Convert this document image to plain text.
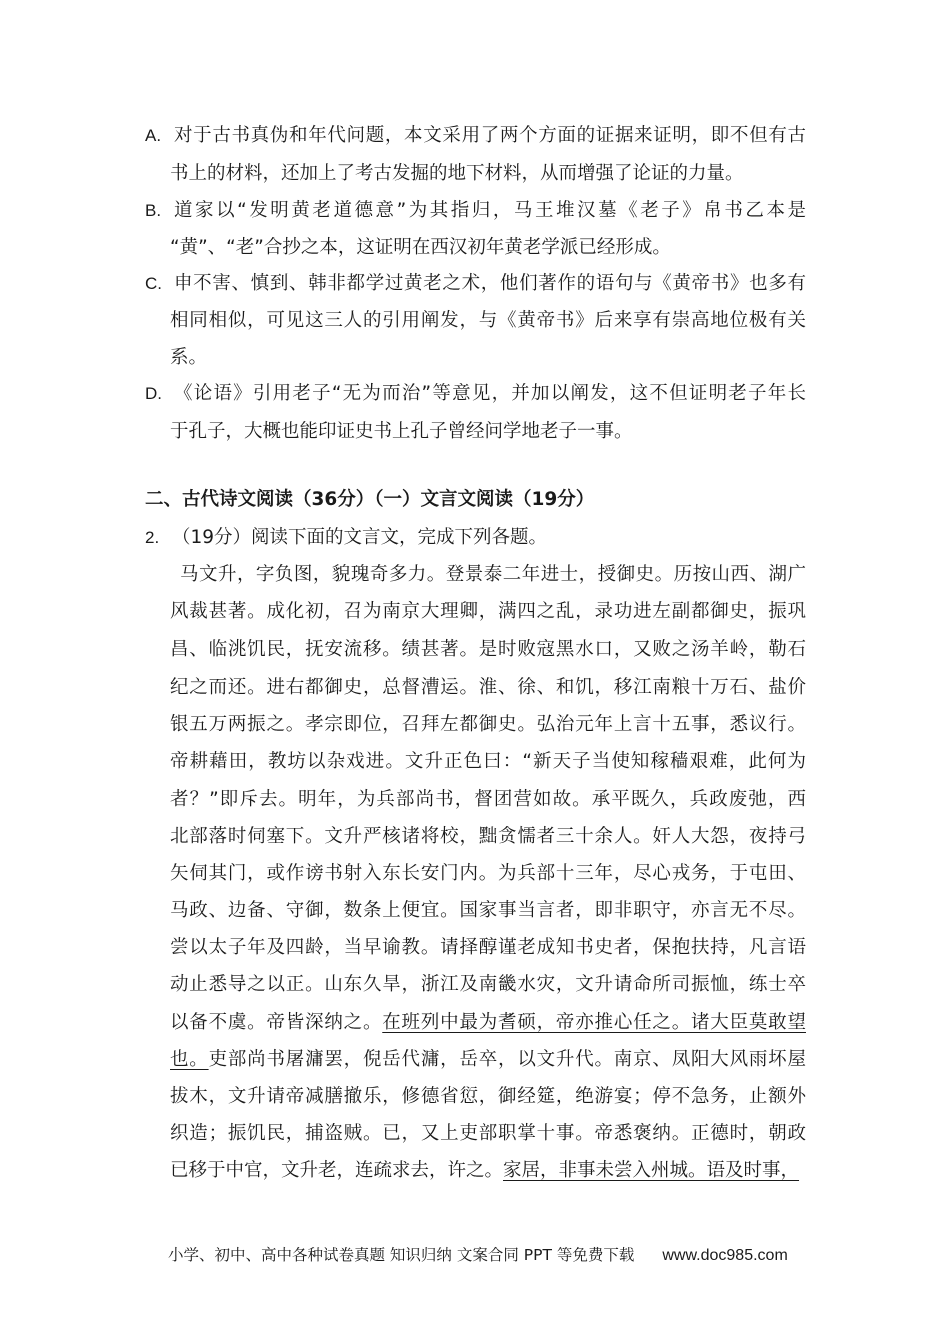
二、古代诗文阅读（36分）（一）文言文阅读（19分）
2. （19分）阅读下面的文言文，完成下列各题。
小学、初中、高中各种试卷真题 知识归纳 文案合同 PPT 等免费下载 www.doc985.com
A. 对于古书真伪和年代问题，本文采用了两个方面的证据来证明，即不但有古
书上的材料，还加上了考古发掘的地下材料，从而增强了论证的力量。
B. 道家以“发明黄老道德意”为其指归，马王堆汉墓《老子》帛书乙本是
“黄”、“老”合抄之本，这证明在西汉初年黄老学派已经形成。
C. 申不害、慎到、韩非都学过黄老之术，他们著作的语句与《黄帝书》也多有
相同相似，可见这三人的引用阐发，与《黄帝书》后来享有崇高地位极有关
系。
D. 《论语》引用老子“无为而治”等意见，并加以阐发，这不但证明老子年长
于孔子，大概也能印证史书上孔子曾经问学地老子一事。
马文升，字负图，貌瑰奇多力。登景泰二年进士，授御史。历按山西、湖广
风裁甚著。成化初，召为南京大理卿，满四之乱，录功进左副都御史，振巩
昌、临洮饥民，抚安流移。绩甚著。是时败寇黑水口，又败之汤羊岭，勒石
纪之而还。进右都御史，总督漕运。淮、徐、和饥，移江南粮十万石、盐价
银五万两振之。孝宗即位，召拜左都御史。弘治元年上言十五事，悉议行。
帝耕藉田，教坊以杂戏进。文升正色曰：“新天子当使知稼穑艰难，此何为
者？”即斥去。明年，为兵部尚书，督团营如故。承平既久，兵政废弛，西
北部落时伺塞下。文升严核诸将校，黜贪懦者三十余人。奸人大怨，夜持弓
矢伺其门，或作谤书射入东长安门内。为兵部十三年，尽心戎务，于屯田、
马政、边备、守御，数条上便宜。国家事当言者，即非职守，亦言无不尽。
尝以太子年及四龄，当早谕教。请择醇谨老成知书史者，保抱扶持，凡言语
动止悉导之以正。山东久旱，浙江及南畿水灾，文升请命所司振恤，练士卒
以备不虞。帝皆深纳之。在班列中最为耆硕，帝亦推心任之。诸大臣莫敢望
也。吏部尚书屠滽罢，倪岳代滽，岳卒，以文升代。南京、凤阳大风雨坏屋
拔木，文升请帝减膳撤乐，修德省愆，御经筵，绝游宴；停不急务，止额外
织造；振饥民，捕盗贼。已，又上吏部职掌十事。帝悉褒纳。正德时，朝政
已移于中官，文升老，连疏求去，许之。家居，非事未尝入州城。语及时事，
